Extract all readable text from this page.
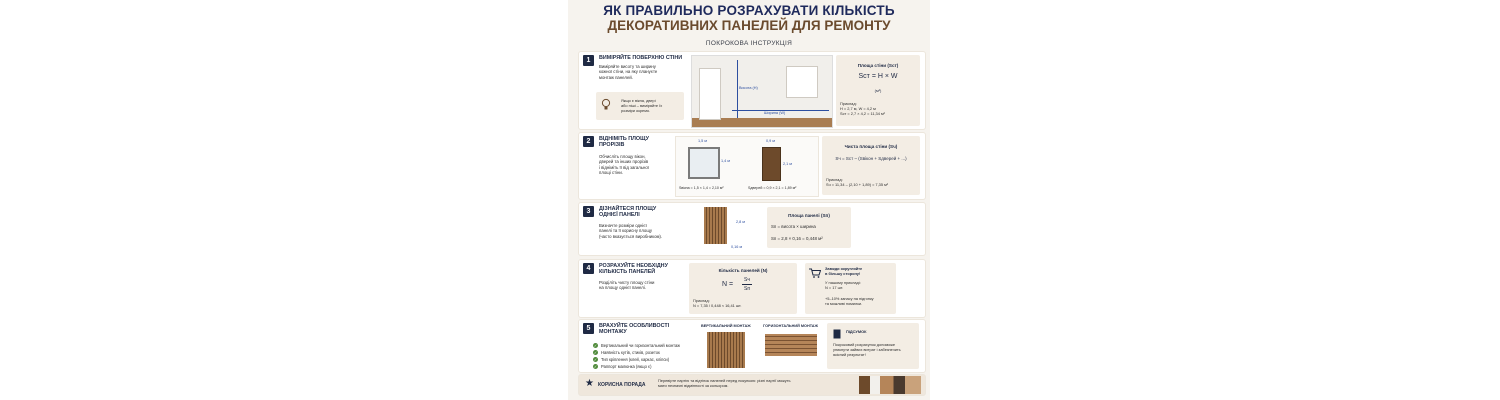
ЯК ПРАВИЛЬНО РОЗРАХУВАТИ КІЛЬКІСТЬ
ДЕКОРАТИВНИХ ПАНЕЛЕЙ ДЛЯ РЕМОНТУ
ПОКРОКОВА ІНСТРУКЦІЯ
1	ВИМІРЯЙТЕ ПОВЕРХНЮ СТІНИ
Виміряйте висоту та ширину
кожної стіни, на яку плануєте
монтаж панелей.
Якщо є вікна, двері
або ніші – виміряйте їх
розміри окремо.
Висота (Н)
Ширина (W)
Площа стіни (Sст)
Sст = H × W
(м²)
Приклад:
H = 2,7 м, W = 4,2 м
Sст = 2,7 × 4,2 = 11,34 м²
2	ВІДНІМІТЬ ПЛОЩУ
ПРОРІЗІВ
Обчисліть площу вікон,
дверей та інших прорізів
і відніміть її від загальної
площі стіни.
1,5 м
1,4 м
0,9 м
2,1 м
Sвікна = 1,5 × 1,4 = 2,10 м²	Sдверей = 0,9 × 2,1 = 1,89 м²
Чиста площа стіни (Sч)
Sч = Sст – (Sвікон + Sдверей + ...)
Приклад:
Sч = 11,34 – (2,10 + 1,89) = 7,35 м²
3	ДІЗНАЙТЕСЯ ПЛОЩУ
ОДНІЄЇ ПАНЕЛІ
Визначте розміри однієї
панелі та її корисну площу
(часто вказується виробником).
2,8 м
0,16 м
Площа панелі (Sп)
Sп = висота × ширина
Sп = 2,8 × 0,16 = 0,448 м²
4	РОЗРАХУЙТЕ НЕОБХІДНУ
КІЛЬКІСТЬ ПАНЕЛЕЙ
Розділіть чисту площу стіни
на площу однієї панелі.
Кількість панелей (N)
N =
Sч
Sп
Приклад:
N = 7,35 / 0,448 ≈ 16,41 шт.
Завжди округляйте
в більшу сторону!
У нашому прикладі:
N = 17 шт.
+5–10% запасу на підгонку
та можливі помилки.
5	ВРАХУЙТЕ ОСОБЛИВОСТІ
МОНТАЖУ
✓ Вертикальний чи горизонтальний монтаж
✓ Наявність кутів, стиків, розеток
✓ Тип кріплення (клей, каркас, кліпси)
✓ Раппорт малюнка (якщо є)
ВЕРТИКАЛЬНИЙ МОНТАЖ	ГОРИЗОНТАЛЬНИЙ МОНТАЖ
ПІДСУМОК
Покроковий розрахунок допоможе
уникнути зайвих витрат і забезпечить
якісний результат!
★ КОРИСНА ПОРАДА
Перевірте партію та відтінок панелей перед покупкою: різні партії можуть
мати незначні відмінності за кольором.
